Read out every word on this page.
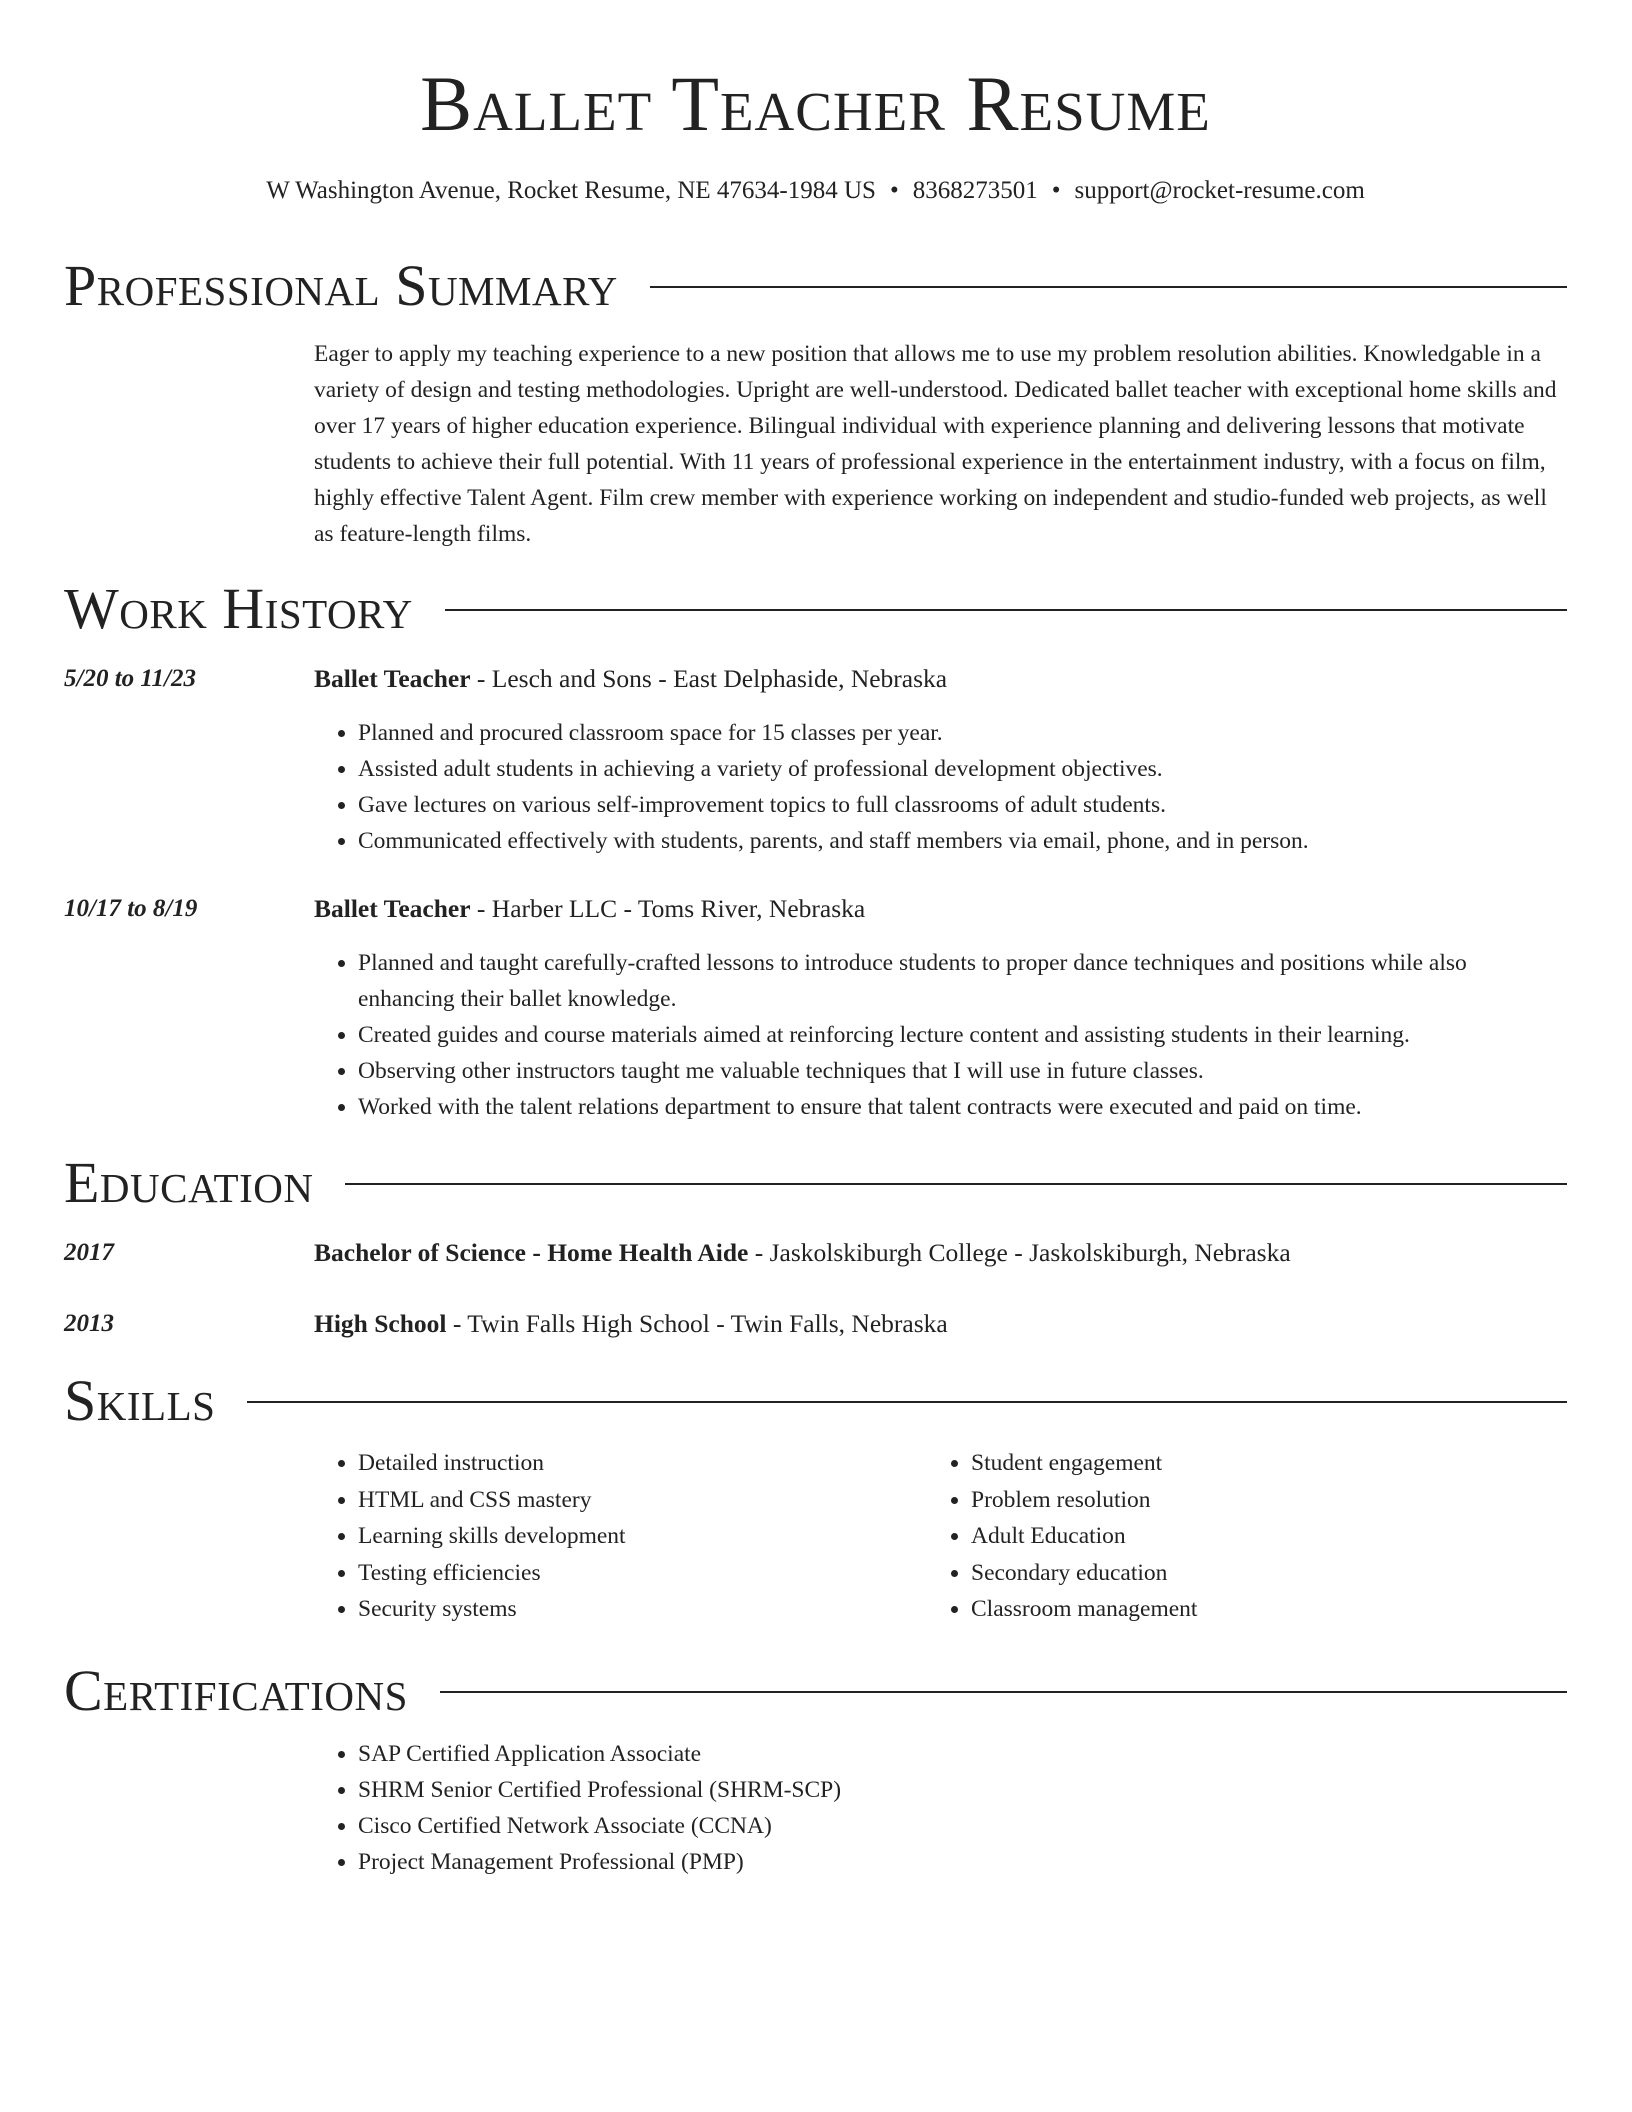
Ballet Teacher Resume
W Washington Avenue, Rocket Resume, NE 47634-1984 US • 8368273501 • support@rocket-resume.com
Professional Summary
Eager to apply my teaching experience to a new position that allows me to use my problem resolution abilities. Knowledgable in a variety of design and testing methodologies. Upright are well-understood. Dedicated ballet teacher with exceptional home skills and over 17 years of higher education experience. Bilingual individual with experience planning and delivering lessons that motivate students to achieve their full potential. With 11 years of professional experience in the entertainment industry, with a focus on film, highly effective Talent Agent. Film crew member with experience working on independent and studio-funded web projects, as well as feature-length films.
Work History
5/20 to 11/23	Ballet Teacher - Lesch and Sons - East Delphaside, Nebraska
• Planned and procured classroom space for 15 classes per year.
• Assisted adult students in achieving a variety of professional development objectives.
• Gave lectures on various self-improvement topics to full classrooms of adult students.
• Communicated effectively with students, parents, and staff members via email, phone, and in person.
10/17 to 8/19	Ballet Teacher - Harber LLC - Toms River, Nebraska
• Planned and taught carefully-crafted lessons to introduce students to proper dance techniques and positions while also enhancing their ballet knowledge.
• Created guides and course materials aimed at reinforcing lecture content and assisting students in their learning.
• Observing other instructors taught me valuable techniques that I will use in future classes.
• Worked with the talent relations department to ensure that talent contracts were executed and paid on time.
Education
2017	Bachelor of Science - Home Health Aide - Jaskolskiburgh College - Jaskolskiburgh, Nebraska
2013	High School - Twin Falls High School - Twin Falls, Nebraska
Skills
• Detailed instruction
• HTML and CSS mastery
• Learning skills development
• Testing efficiencies
• Security systems
• Student engagement
• Problem resolution
• Adult Education
• Secondary education
• Classroom management
Certifications
• SAP Certified Application Associate
• SHRM Senior Certified Professional (SHRM-SCP)
• Cisco Certified Network Associate (CCNA)
• Project Management Professional (PMP)
